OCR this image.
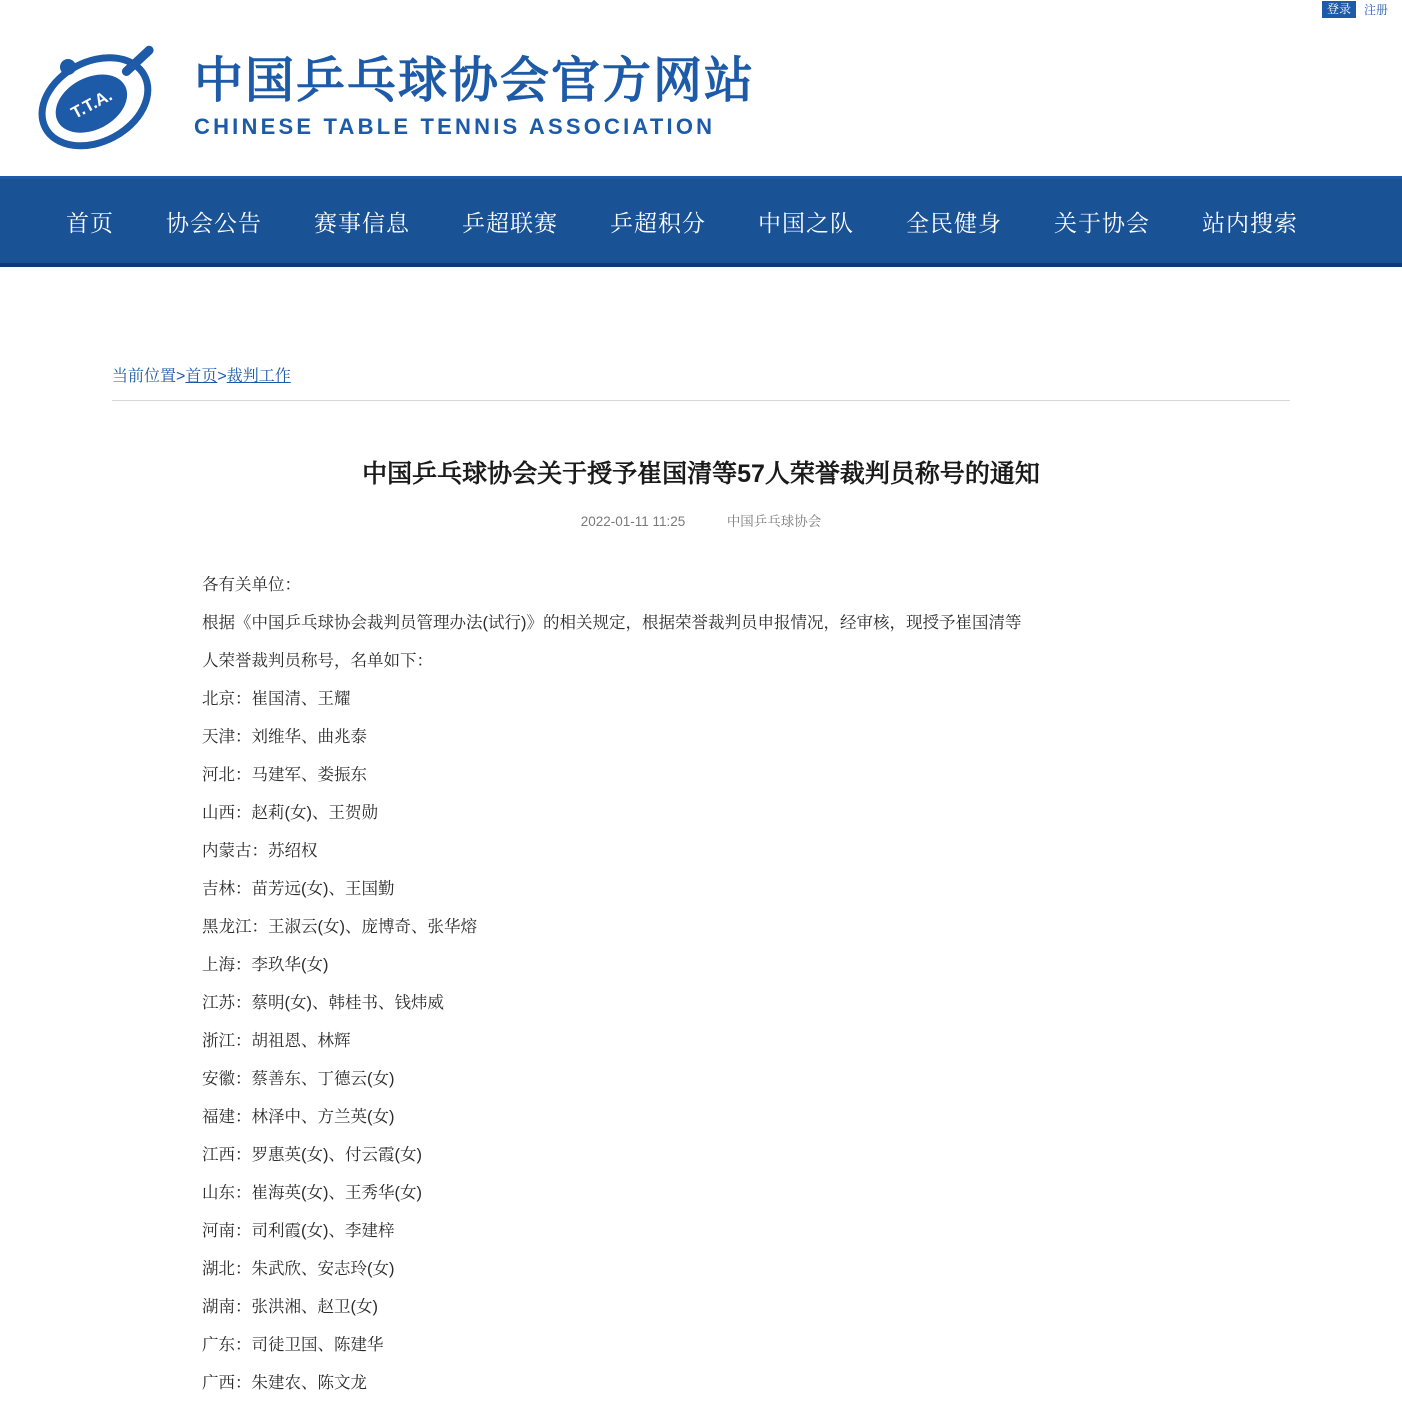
登录	注册
T.T.A. 中国乒乓球协会官方网站
CHINESE TABLE TENNIS ASSOCIATION
首页	协会公告	赛事信息	乒超联赛	乒超积分	中国之队	全民健身	关于协会	站内搜索
当前位置>首页>裁判工作
中国乒乓球协会关于授予崔国清等57人荣誉裁判员称号的通知
2022-01-11 11:25	中国乒乓球协会

各有关单位：

根据《中国乒乓球协会裁判员管理办法(试行)》的相关规定，根据荣誉裁判员申报情况，经审核，现授予崔国清等

人荣誉裁判员称号，名单如下：

北京：崔国清、王耀

天津：刘维华、曲兆泰

河北：马建军、娄振东

山西：赵莉(女)、王贺勋

内蒙古：苏绍权

吉林：苗芳远(女)、王国勤

黑龙江：王淑云(女)、庞博奇、张华熔

上海：李玖华(女)

江苏：蔡明(女)、韩桂书、钱炜威

浙江：胡祖恩、林辉

安徽：蔡善东、丁德云(女)

福建：林泽中、方兰英(女)

江西：罗惠英(女)、付云霞(女)

山东：崔海英(女)、王秀华(女)

河南：司利霞(女)、李建梓

湖北：朱武欣、安志玲(女)

湖南：张洪湘、赵卫(女)

广东：司徒卫国、陈建华

广西：朱建农、陈文龙
